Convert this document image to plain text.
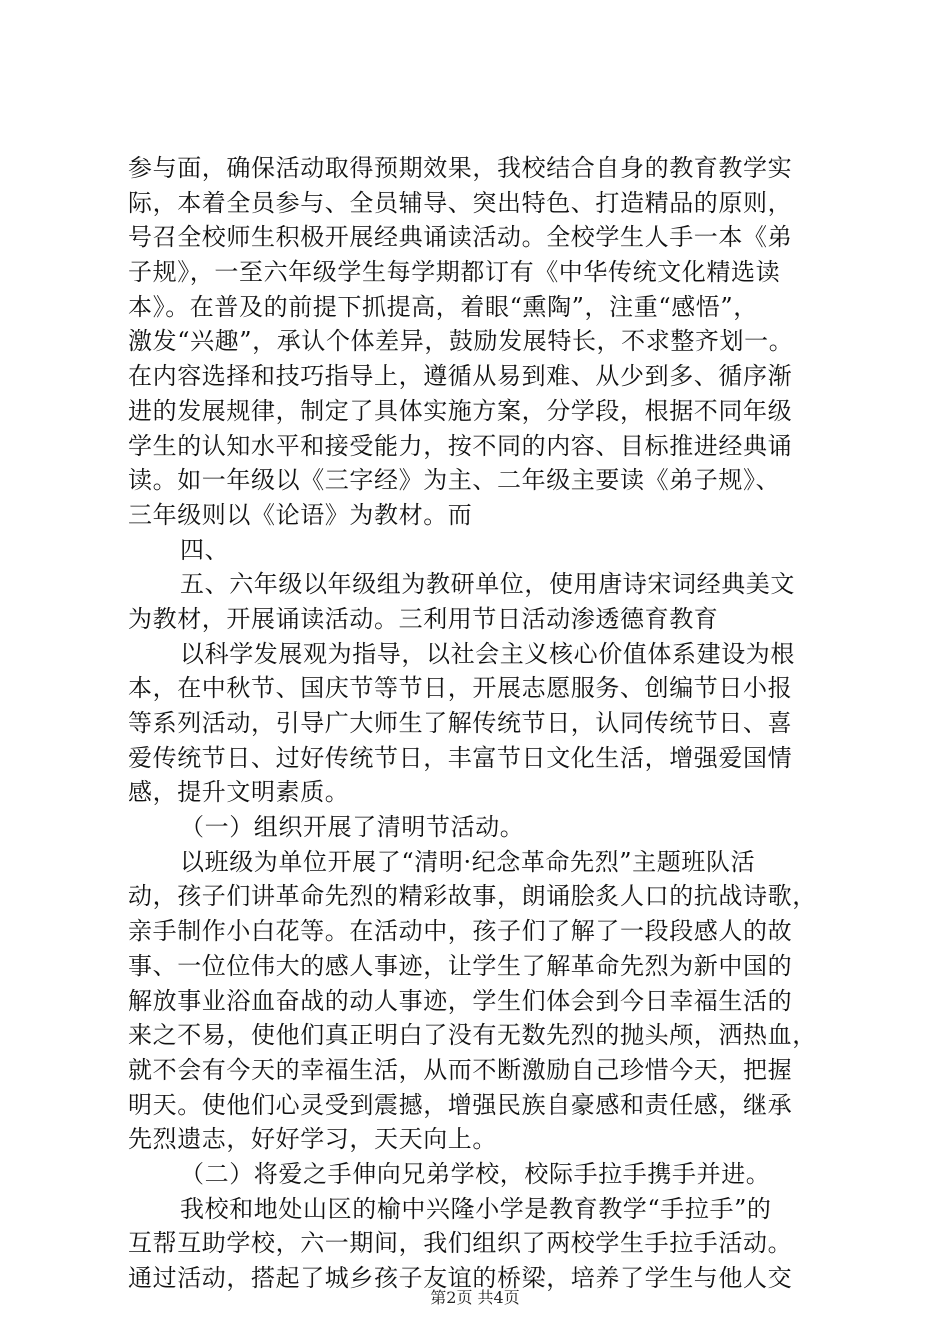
参与面，确保活动取得预期效果，我校结合自身的教育教学实
际，本着全员参与、全员辅导、突出特色、打造精品的原则，
号召全校师生积极开展经典诵读活动。全校学生人手一本《弟
子规》，一至六年级学生每学期都订有《中华传统文化精选读
本》。在普及的前提下抓提高，着眼“熏陶”，注重“感悟”，
激发“兴趣”，承认个体差异，鼓励发展特长，不求整齐划一。
在内容选择和技巧指导上，遵循从易到难、从少到多、循序渐
进的发展规律，制定了具体实施方案，分学段，根据不同年级
学生的认知水平和接受能力，按不同的内容、目标推进经典诵
读。如一年级以《三字经》为主、二年级主要读《弟子规》、
三年级则以《论语》为教材。而
四、
五、六年级以年级组为教研单位，使用唐诗宋词经典美文
为教材，开展诵读活动。三利用节日活动渗透德育教育
以科学发展观为指导，以社会主义核心价值体系建设为根
本，在中秋节、国庆节等节日，开展志愿服务、创编节日小报
等系列活动，引导广大师生了解传统节日，认同传统节日、喜
爱传统节日、过好传统节日，丰富节日文化生活，增强爱国情
感，提升文明素质。
（一）组织开展了清明节活动。
以班级为单位开展了“清明·纪念革命先烈”主题班队活
动，孩子们讲革命先烈的精彩故事，朗诵脍炙人口的抗战诗歌，
亲手制作小白花等。在活动中，孩子们了解了一段段感人的故
事、一位位伟大的感人事迹，让学生了解革命先烈为新中国的
解放事业浴血奋战的动人事迹，学生们体会到今日幸福生活的
来之不易，使他们真正明白了没有无数先烈的抛头颅，洒热血，
就不会有今天的幸福生活，从而不断激励自己珍惜今天，把握
明天。使他们心灵受到震撼，增强民族自豪感和责任感，继承
先烈遗志，好好学习，天天向上。
（二）将爱之手伸向兄弟学校，校际手拉手携手并进。
我校和地处山区的榆中兴隆小学是教育教学“手拉手”的
互帮互助学校，六一期间，我们组织了两校学生手拉手活动。
通过活动，搭起了城乡孩子友谊的桥梁，培养了学生与他人交
第2页 共4页
